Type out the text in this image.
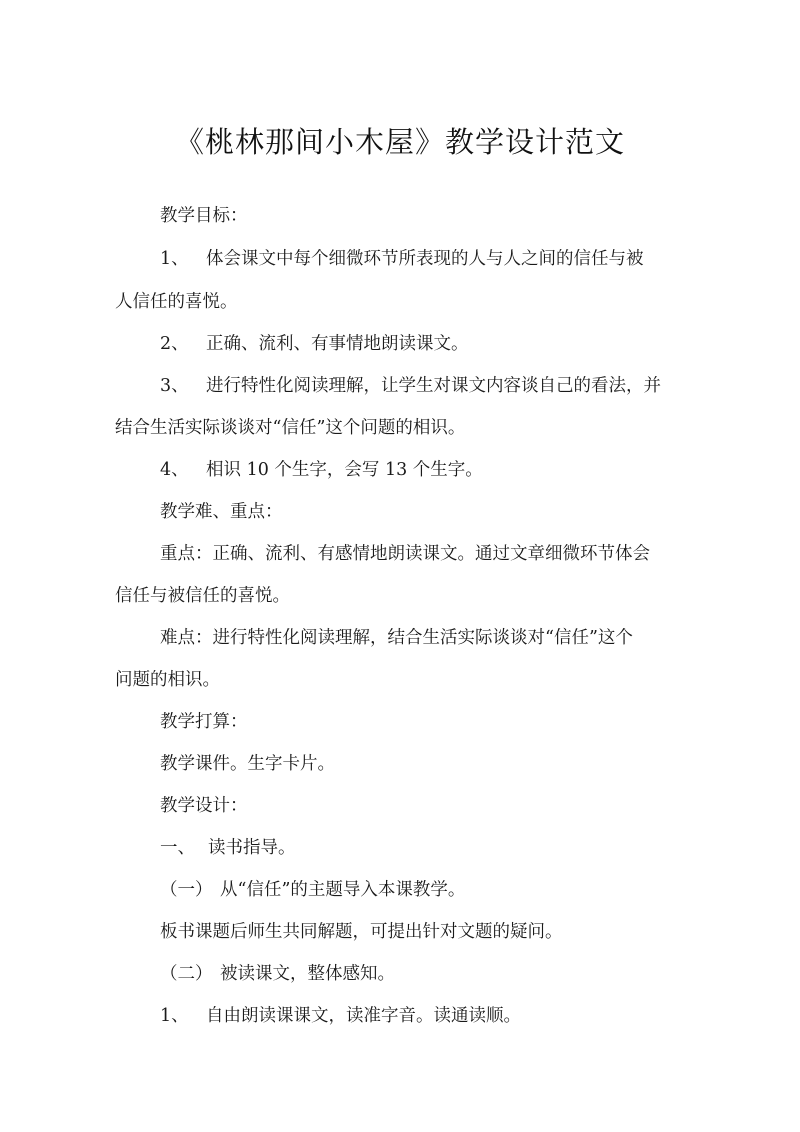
《桃林那间小木屋》教学设计范文
教学目标：
1、 体会课文中每个细微环节所表现的人与人之间的信任与被
人信任的喜悦。
2、 正确、流利、有事情地朗读课文。
3、 进行特性化阅读理解，让学生对课文内容谈自己的看法，并
结合生活实际谈谈对“信任”这个问题的相识。
4、 相识 10 个生字，会写 13 个生字。
教学难、重点：
重点：正确、流利、有感情地朗读课文。通过文章细微环节体会
信任与被信任的喜悦。
难点：进行特性化阅读理解，结合生活实际谈谈对“信任”这个
问题的相识。
教学打算：
教学课件。生字卡片。
教学设计：
一、 读书指导。
（一） 从“信任”的主题导入本课教学。
板书课题后师生共同解题，可提出针对文题的疑问。
（二） 被读课文，整体感知。
1、 自由朗读课课文，读准字音。读通读顺。
